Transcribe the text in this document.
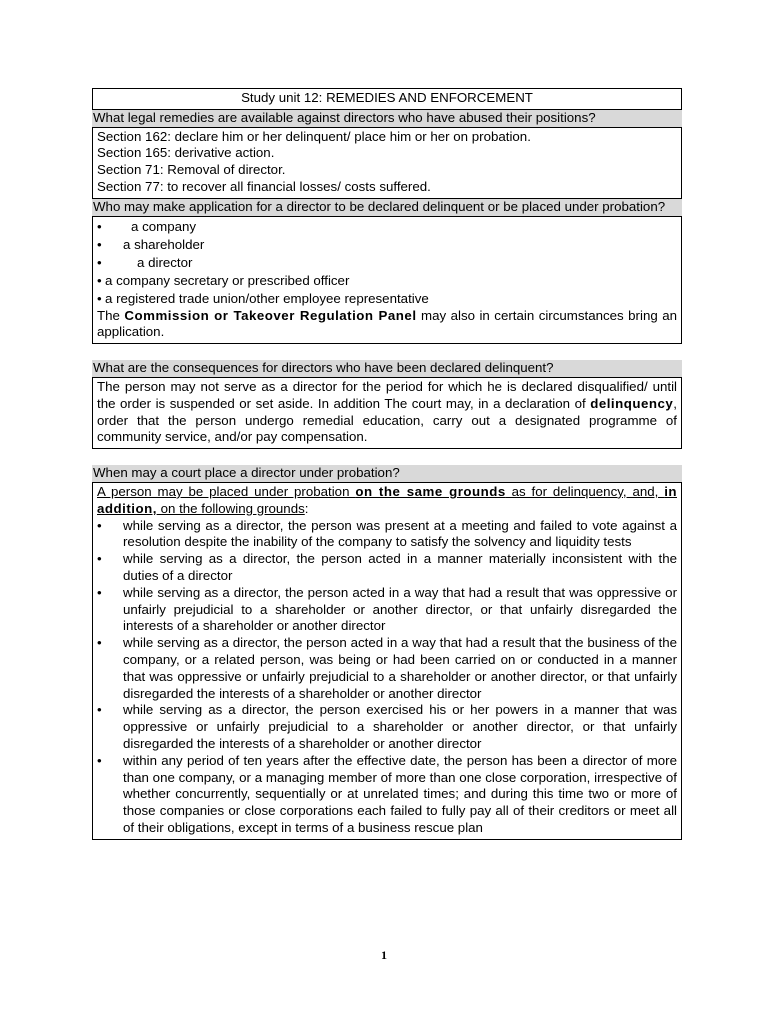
Study unit 12: REMEDIES AND ENFORCEMENT
What legal remedies are available against directors who have abused their positions?
Section 162: declare him or her delinquent/ place him or her on probation.
Section 165: derivative action.
Section 71: Removal of director.
Section 77: to recover all financial losses/ costs suffered.
Who may make application for a director to be declared delinquent or be placed under probation?
• a company
• a shareholder
•	a director
• a company secretary or prescribed officer
• a registered trade union/other employee representative
The Commission or Takeover Regulation Panel may also in certain circumstances bring an application.
What are the consequences for directors who have been declared delinquent?
The person may not serve as a director for the period for which he is declared disqualified/ until the order is suspended or set aside. In addition The court may, in a declaration of delinquency, order that the person undergo remedial education, carry out a designated programme of community service, and/or pay compensation.
When may a court place a director under probation?
A person may be placed under probation on the same grounds as for delinquency, and, in addition, on the following grounds:
• while serving as a director, the person was present at a meeting and failed to vote against a resolution despite the inability of the company to satisfy the solvency and liquidity tests
• while serving as a director, the person acted in a manner materially inconsistent with the duties of a director
• while serving as a director, the person acted in a way that had a result that was oppressive or unfairly prejudicial to a shareholder or another director, or that unfairly disregarded the interests of a shareholder or another director
• while serving as a director, the person acted in a way that had a result that the business of the company, or a related person, was being or had been carried on or conducted in a manner that was oppressive or unfairly prejudicial to a shareholder or another director, or that unfairly disregarded the interests of a shareholder or another director
• while serving as a director, the person exercised his or her powers in a manner that was oppressive or unfairly prejudicial to a shareholder or another director, or that unfairly disregarded the interests of a shareholder or another director
• within any period of ten years after the effective date, the person has been a director of more than one company, or a managing member of more than one close corporation, irrespective of whether concurrently, sequentially or at unrelated times; and during this time two or more of those companies or close corporations each failed to fully pay all of their creditors or meet all of their obligations, except in terms of a business rescue plan
1
